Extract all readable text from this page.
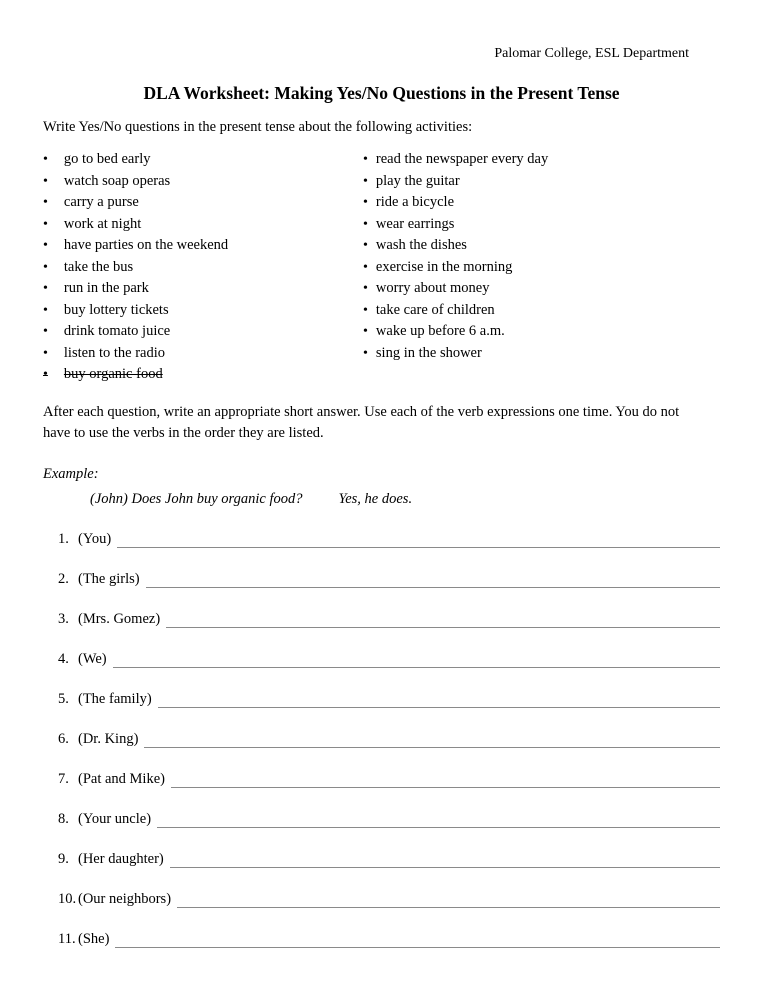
Palomar College, ESL Department
DLA Worksheet: Making Yes/No Questions in the Present Tense
Write Yes/No questions in the present tense about the following activities:
• go to bed early
• watch soap operas
• carry a purse
• work at night
• have parties on the weekend
• take the bus
• run in the park
• buy lottery tickets
• drink tomato juice
• listen to the radio
• buy organic food
• read the newspaper every day
• play the guitar
• ride a bicycle
• wear earrings
• wash the dishes
• exercise in the morning
• worry about money
• take care of children
• wake up before 6 a.m.
• sing in the shower
After each question, write an appropriate short answer. Use each of the verb expressions one time. You do not
have to use the verbs in the order they are listed.
Example:
(John) Does John buy organic food? Yes, he does.
1. (You)
2. (The girls)
3. (Mrs. Gomez)
4. (We)
5. (The family)
6. (Dr. King)
7. (Pat and Mike)
8. (Your uncle)
9. (Her daughter)
10. (Our neighbors)
11. (She)
